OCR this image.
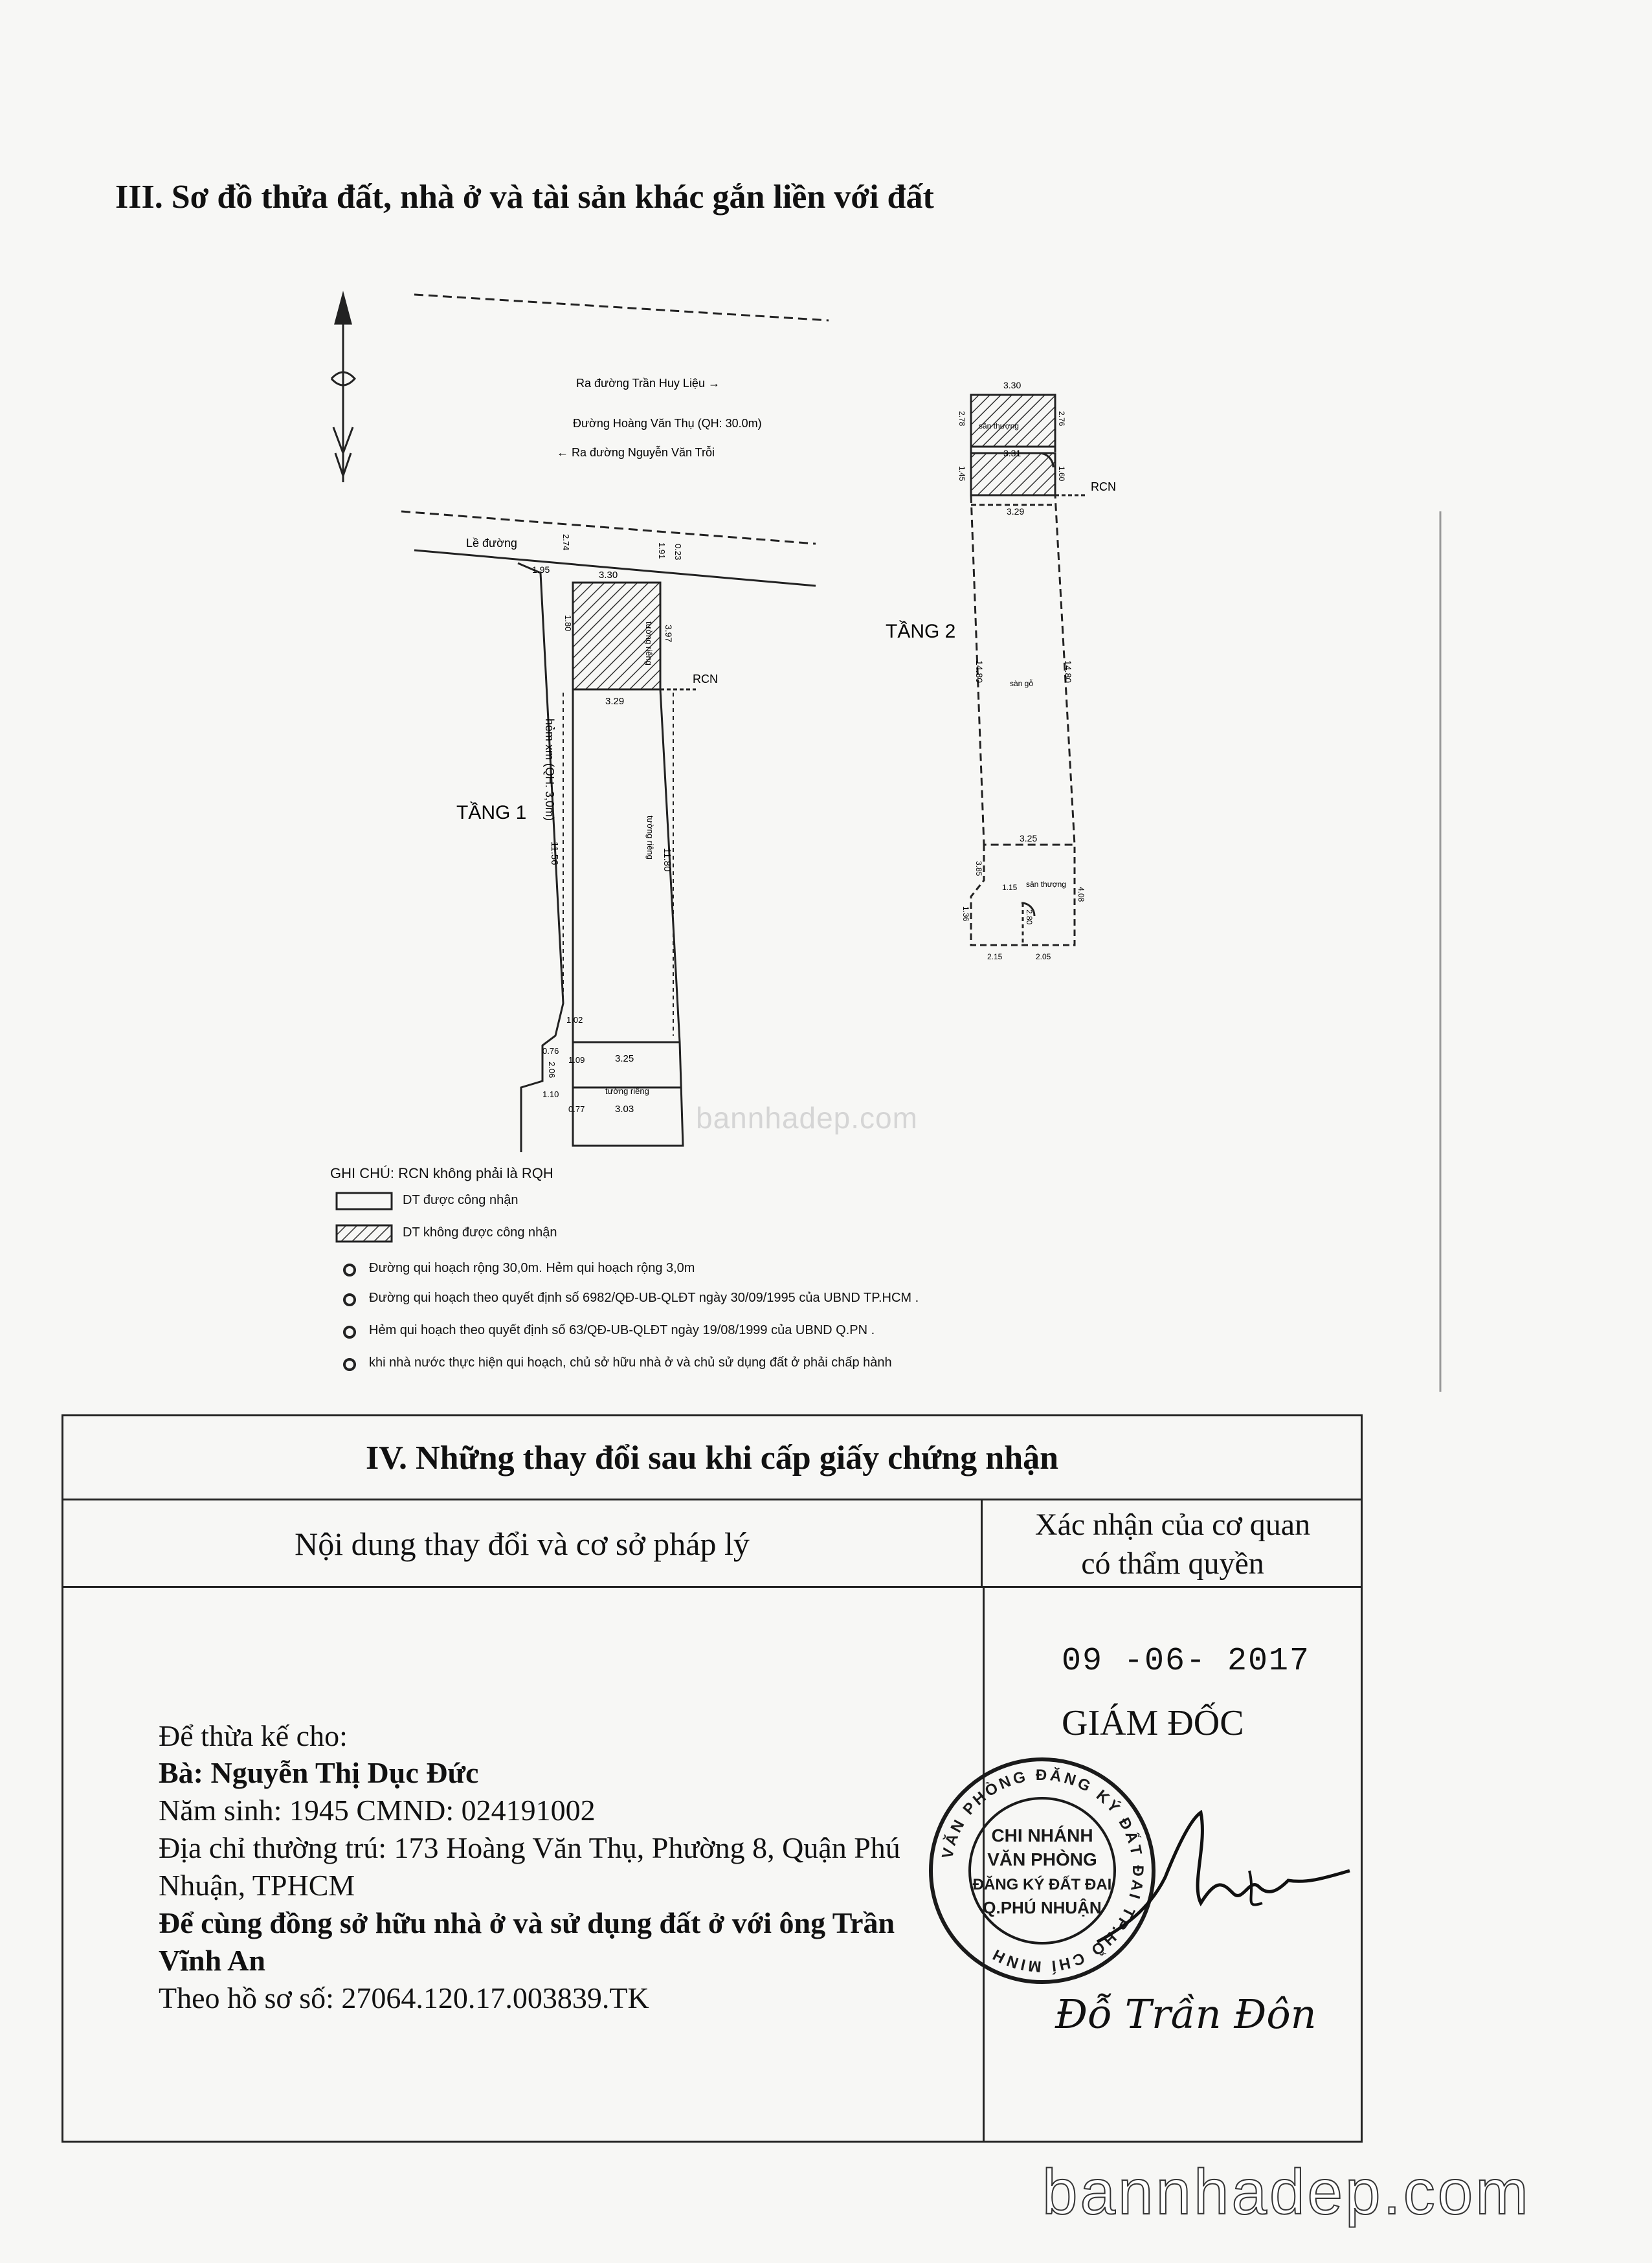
III. Sơ đồ thửa đất, nhà ở và tài sản khác gắn liền với đất
Ra đường Trần Huy Liệu →
Đường Hoàng Văn Thụ (QH: 30.0m)
← Ra đường Nguyễn Văn Trỗi
Lề đường
RCN
TẦNG 1 hẻm xm (QH: 3,0m)
3.30
3.29
3.25
3.03
1.95
3.97
11.56	11.80
2.74
1.91 0.23
1.80
1.02
0.76
1.09
2.06
1.10
0.77
tường riêng
tường riêng
tường riêng
RCN
TẦNG 2
3.30
3.31
3.29
3.25
14.80	14.80
2.78	2.76
1.45	1.60
3.85
4.08
1.15
1.36	2.80
2.15	2.05
sân thượng
sàn gỗ
sân thượng
GHI CHÚ: RCN không phải là RQH
DT được công nhận
DT không được công nhận
Đường qui hoạch rộng 30,0m. Hẻm qui hoạch rộng 3,0m
Đường qui hoạch theo quyết định số 6982/QĐ-UB-QLĐT ngày 30/09/1995 của UBND TP.HCM .
Hẻm qui hoạch theo quyết định số 63/QĐ-UB-QLĐT ngày 19/08/1999 của UBND Q.PN .
khi nhà nước thực hiện qui hoạch, chủ sở hữu nhà ở và chủ sử dụng đất ở phải chấp hành
bannhadep.com
IV. Những thay đổi sau khi cấp giấy chứng nhận
Nội dung thay đổi và cơ sở pháp lý
Xác nhận của cơ quan
có thẩm quyền
Để thừa kế cho:
Bà: Nguyễn Thị Dục Đức
Năm sinh: 1945 CMND: 024191002
Địa chỉ thường trú: 173 Hoàng Văn Thụ, Phường 8, Quận Phú
Nhuận, TPHCM
Để cùng đồng sở hữu nhà ở và sử dụng đất ở với ông Trần
Vĩnh An
Theo hồ sơ số: 27064.120.17.003839.TK
09 -06- 2017
GIÁM ĐỐC
VĂN PHÒNG ĐĂNG KÝ ĐẤT ĐAI TP.HỒ CHÍ MINH
CHI NHÁNH
VĂN PHÒNG
ĐĂNG KÝ ĐẤT ĐAI
Q.PHÚ NHUẬN
Đỗ Trần Đôn
bannhadep.com
